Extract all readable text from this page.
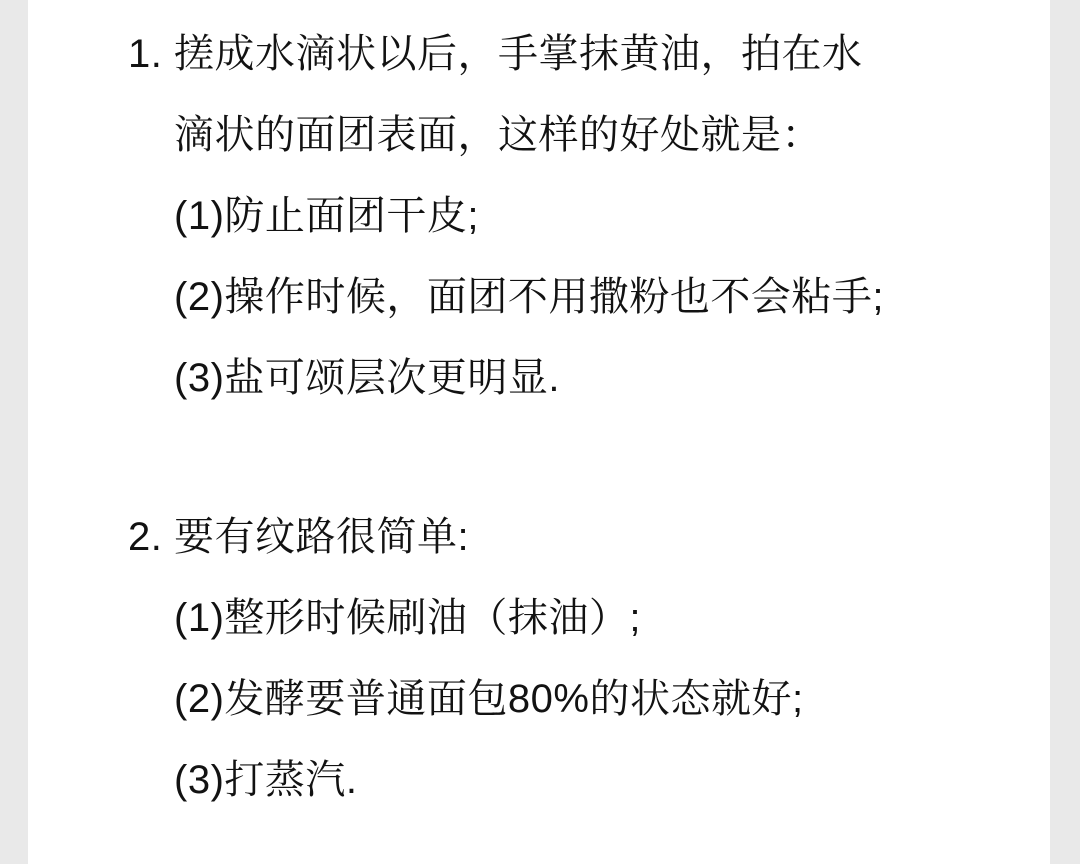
1. 搓成水滴状以后，手掌抹黄油，拍在水
滴状的面团表面，这样的好处就是：
(1)防止面团干皮;
(2)操作时候，面团不用撒粉也不会粘手;
(3)盐可颂层次更明显.
2. 要有纹路很简单:
(1)整形时候刷油（抹油）;
(2)发酵要普通面包80%的状态就好;
(3)打蒸汽.
